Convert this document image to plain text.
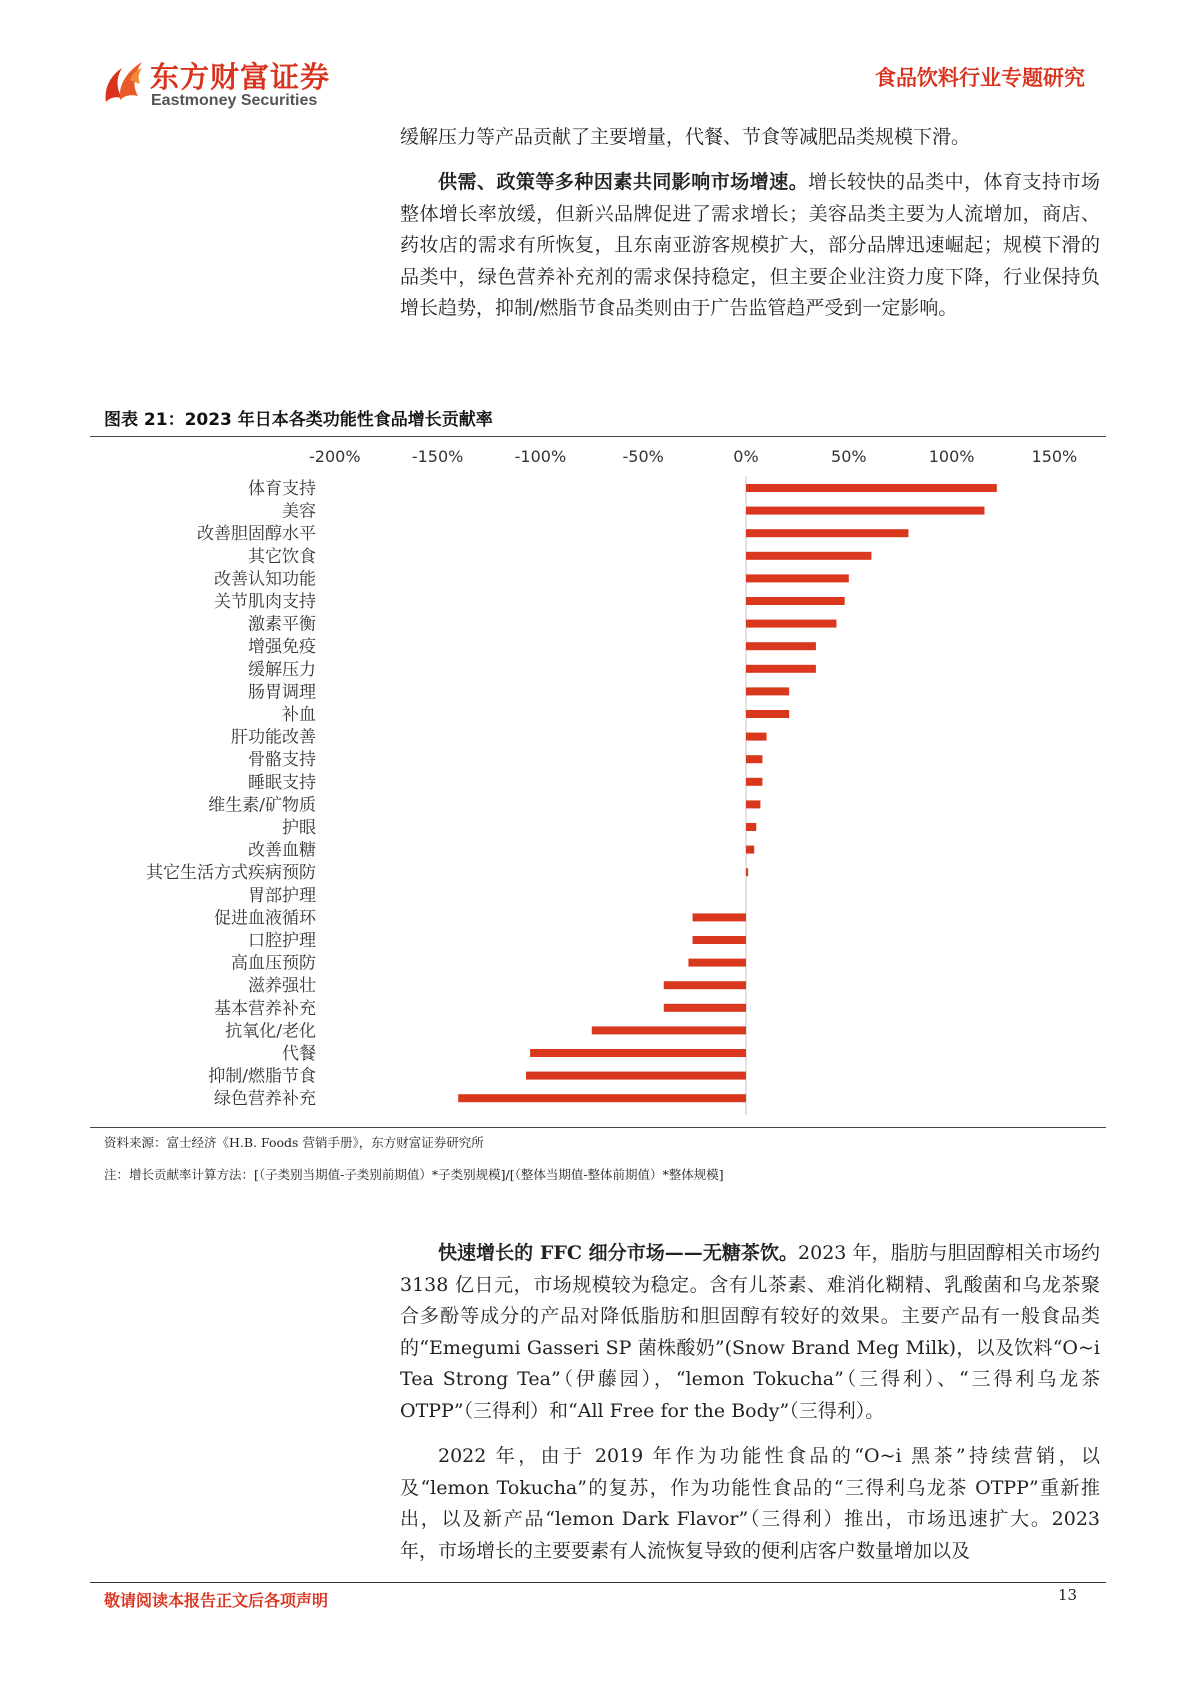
东方财富证券
Eastmoney Securities
食品饮料行业专题研究
缓解压力等产品贡献了主要增量，代餐、节食等减肥品类规模下滑。
供需、政策等多种因素共同影响市场增速。增长较快的品类中，体育支持市场整体增长率放缓，但新兴品牌促进了需求增长；美容品类主要为人流增加，商店、药妆店的需求有所恢复，且东南亚游客规模扩大，部分品牌迅速崛起；规模下滑的品类中，绿色营养补充剂的需求保持稳定，但主要企业注资力度下降，行业保持负增长趋势，抑制/燃脂节食品类则由于广告监管趋严受到一定影响。
图表 21：2023 年日本各类功能性食品增长贡献率
-200%	-150%	-100%	-50%	0%	50%	100%	150%
体育支持
美容
改善胆固醇水平
其它饮食
改善认知功能
关节肌肉支持
激素平衡
增强免疫
缓解压力
肠胃调理
补血
肝功能改善
骨骼支持
睡眠支持
维生素/矿物质
护眼
改善血糖
其它生活方式疾病预防
胃部护理
促进血液循环
口腔护理
高血压预防
滋养强壮
基本营养补充
抗氧化/老化
代餐
抑制/燃脂节食
绿色营养补充
资料来源：富士经济《H.B. Foods 营销手册》，东方财富证券研究所
注：增长贡献率计算方法：[（子类别当期值-子类别前期值）*子类别规模]/[（整体当期值-整体前期值）*整体规模]
快速增长的 FFC 细分市场——无糖茶饮。2023 年，脂肪与胆固醇相关市场约 3138 亿日元，市场规模较为稳定。含有儿茶素、难消化糊精、乳酸菌和乌龙茶聚合多酚等成分的产品对降低脂肪和胆固醇有较好的效果。主要产品有一般食品类的“Emegumi Gasseri SP 菌株酸奶”(Snow Brand Meg Milk)，以及饮料“O~i Tea Strong Tea”（伊藤园），“lemon Tokucha”（三得利）、“三得利乌龙茶 OTPP”（三得利）和“All Free for the Body”（三得利）。
2022 年，由于 2019 年作为功能性食品的“O~i 黑茶”持续营销，以及“lemon Tokucha”的复苏，作为功能性食品的“三得利乌龙茶 OTPP”重新推出，以及新产品“lemon Dark Flavor”（三得利）推出，市场迅速扩大。2023 年，市场增长的主要要素有人流恢复导致的便利店客户数量增加以及
敬请阅读本报告正文后各项声明	13
